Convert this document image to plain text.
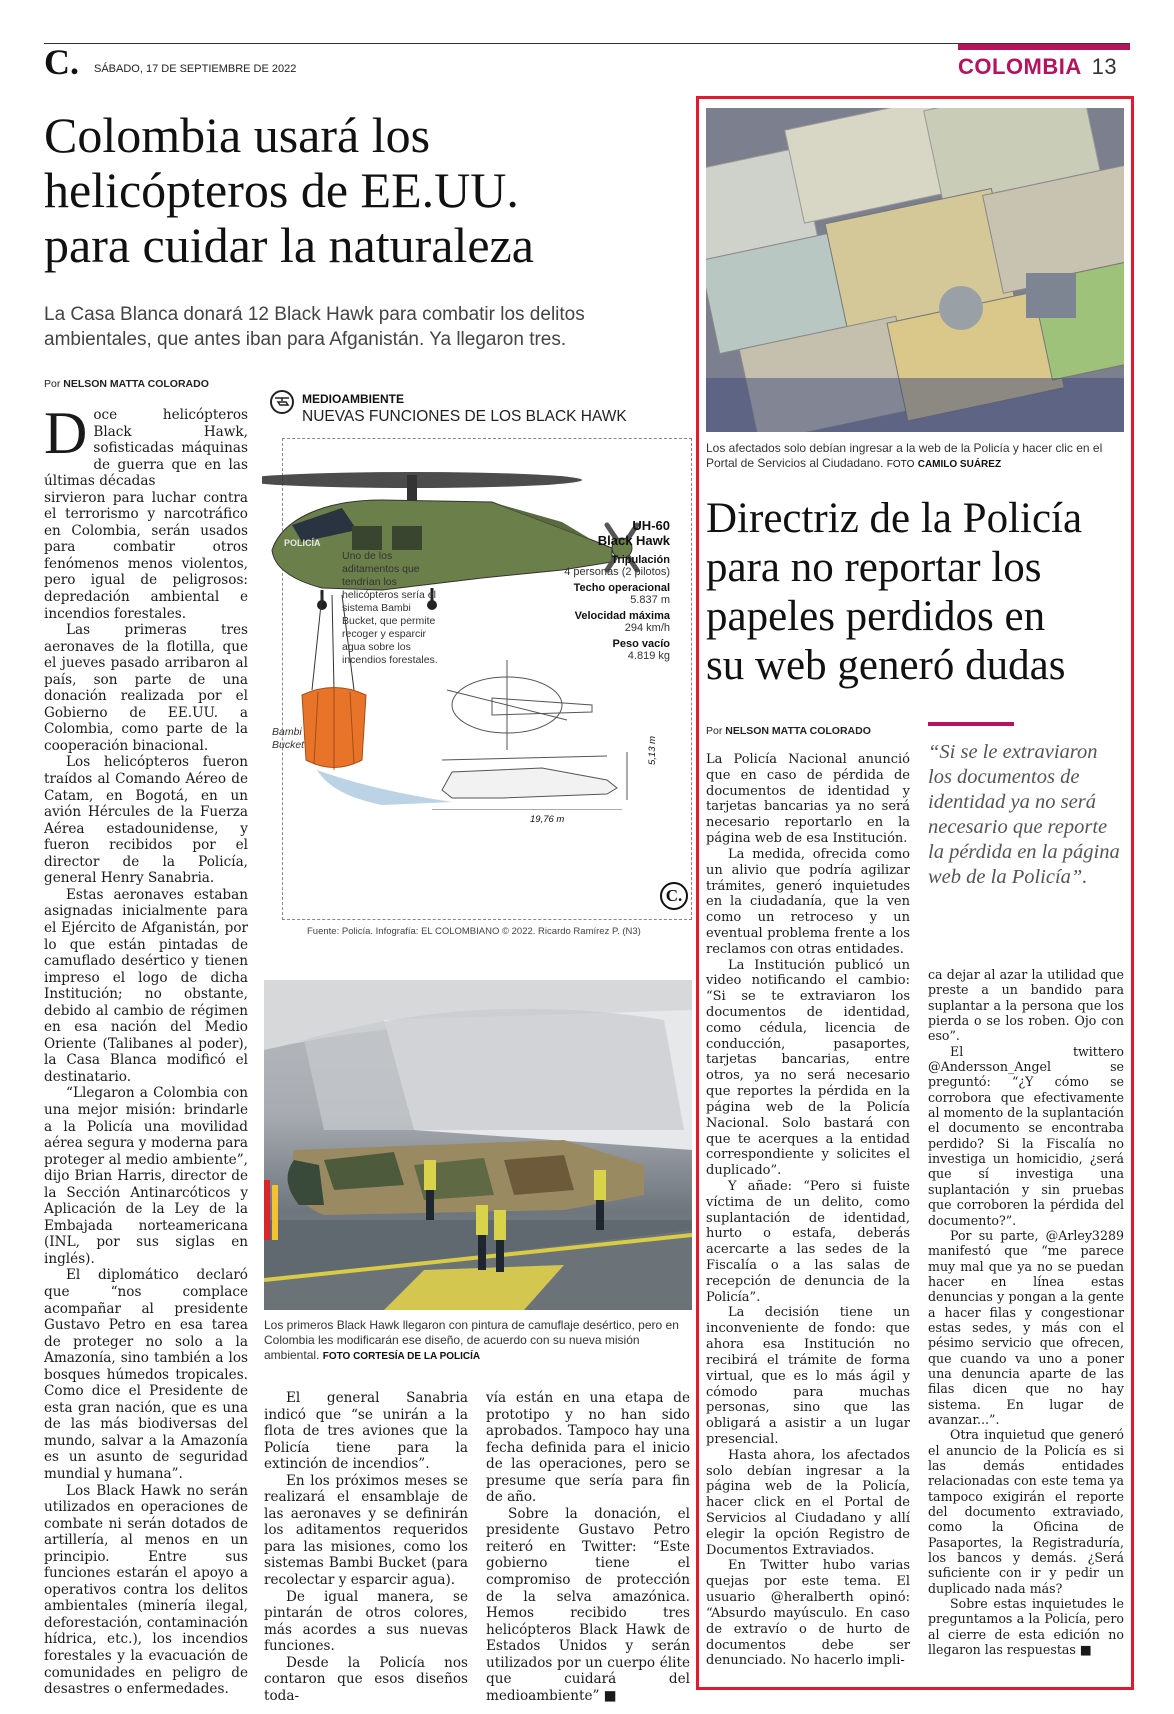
C. SÁBADO, 17 DE SEPTIEMBRE DE 2022	COLOMBIA 13
Colombia usará los
helicópteros de EE.UU.
para cuidar la naturaleza
La Casa Blanca donará 12 Black Hawk para combatir los delitos
ambientales, que antes iban para Afganistán. Ya llegaron tres.
Por NELSON MATTA COLORADO

Doce helicópteros Black Hawk, sofisticadas máquinas de guerra que en las últimas décadas

sirvieron para luchar contra el terrorismo y narcotráfico en Colombia, serán usados para combatir otros fenómenos menos violentos, pero igual de peligrosos: depredación ambiental e incendios forestales.

Las primeras tres aeronaves de la flotilla, que el jueves pasado arribaron al país, son parte de una donación realizada por el Gobierno de EE.UU. a Colombia, como parte de la cooperación binacional.

Los helicópteros fueron traídos al Comando Aéreo de Catam, en Bogotá, en un avión Hércules de la Fuerza Aérea estadounidense, y fueron recibidos por el director de la Policía, general Henry Sanabria.

Estas aeronaves estaban asignadas inicialmente para el Ejército de Afganistán, por lo que están pintadas de camuflado desértico y tienen impreso el logo de dicha Institución; no obstante, debido al cambio de régimen en esa nación del Medio Oriente (Talibanes al poder), la Casa Blanca modificó el destinatario.

“Llegaron a Colombia con una mejor misión: brindarle a la Policía una movilidad aérea segura y moderna para proteger al medio ambiente”, dijo Brian Harris, director de la Sección Antinarcóticos y Aplicación de la Ley de la Embajada norteamericana (INL, por sus siglas en inglés).

El diplomático declaró que “nos complace acompañar al presidente Gustavo Petro en esa tarea de proteger no solo a la Amazonía, sino también a los bosques húmedos tropicales. Como dice el Presidente de esta gran nación, que es una de las más biodiversas del mundo, salvar a la Amazonía es un asunto de seguridad mundial y humana”.

Los Black Hawk no serán utilizados en operaciones de combate ni serán dotados de artillería, al menos en un principio. Entre sus funciones estarán el apoyo a operativos contra los delitos ambientales (minería ilegal, deforestación, contaminación hídrica, etc.), los incendios forestales y la evacuación de comunidades en peligro de desastres o enfermedades.

MEDIOAMBIENTE
NUEVAS FUNCIONES DE LOS BLACK HAWK
POLICÍA
Uno de los aditamentos que tendrían los helicópteros sería el sistema Bambi Bucket, que permite recoger y esparcir agua sobre los incendios forestales.
Bambi Bucket
UH-60
Black Hawk
Tripulación
4 personas (2 pilotos)
Techo operacional
5.837 m
Velocidad máxima
294 km/h
Peso vacío
4.819 kg
5,13 m
19,76 m
C.
Fuente: Policía. Infografía: EL COLOMBIANO © 2022. Ricardo Ramírez P. (N3)
Los primeros Black Hawk llegaron con pintura de camuflaje desértico, pero en Colombia les modificarán ese diseño, de acuerdo con su nueva misión ambiental. FOTO CORTESÍA DE LA POLICÍA

El general Sanabria indicó que “se unirán a la flota de tres aviones que la Policía tiene para la extinción de incendios”.

En los próximos meses se realizará el ensamblaje de las aeronaves y se definirán los aditamentos requeridos para las misiones, como los sistemas Bambi Bucket (para recolectar y esparcir agua).

De igual manera, se pintarán de otros colores, más acordes a sus nuevas funciones.

Desde la Policía nos contaron que esos diseños toda-

vía están en una etapa de prototipo y no han sido aprobados. Tampoco hay una fecha definida para el inicio de las operaciones, pero se presume que sería para fin de año.

Sobre la donación, el presidente Gustavo Petro reiteró en Twitter: “Este gobierno tiene el compromiso de protección de la selva amazónica. Hemos recibido tres helicópteros Black Hawk de Estados Unidos y serán utilizados por un cuerpo élite que cuidará del medioambiente” ■

Los afectados solo debían ingresar a la web de la Policía y hacer clic en el Portal de Servicios al Ciudadano. FOTO CAMILO SUÁREZ
Directriz de la Policía
para no reportar los
papeles perdidos en
su web generó dudas
Por NELSON MATTA COLORADO
“Si se le extraviaron los documentos de identidad ya no será necesario que reporte la pérdida en la página web de la Policía”.

La Policía Nacional anunció que en caso de pérdida de documentos de identidad y tarjetas bancarias ya no será necesario reportarlo en la página web de esa Institución.

La medida, ofrecida como un alivio que podría agilizar trámites, generó inquietudes en la ciudadanía, que la ven como un retroceso y un eventual problema frente a los reclamos con otras entidades.

La Institución publicó un video notificando el cambio: “Si se te extraviaron los documentos de identidad, como cédula, licencia de conducción, pasaportes, tarjetas bancarias, entre otros, ya no será necesario que reportes la pérdida en la página web de la Policía Nacional. Solo bastará con que te acerques a la entidad correspondiente y solicites el duplicado”.

Y añade: “Pero si fuiste víctima de un delito, como suplantación de identidad, hurto o estafa, deberás acercarte a las sedes de la Fiscalía o a las salas de recepción de denuncia de la Policía”.

La decisión tiene un inconveniente de fondo: que ahora esa Institución no recibirá el trámite de forma virtual, que es lo más ágil y cómodo para muchas personas, sino que las obligará a asistir a un lugar presencial.

Hasta ahora, los afectados solo debían ingresar a la página web de la Policía, hacer click en el Portal de Servicios al Ciudadano y allí elegir la opción Registro de Documentos Extraviados.

En Twitter hubo varias quejas por este tema. El usuario @heralberth opinó: “Absurdo mayúsculo. En caso de extravío o de hurto de documentos debe ser denunciado. No hacerlo impli-

ca dejar al azar la utilidad que preste a un bandido para suplantar a la persona que los pierda o se los roben. Ojo con eso”.

El twittero @Andersson_Angel se preguntó: “¿Y cómo se corrobora que efectivamente al momento de la suplantación el documento se encontraba perdido? Si la Fiscalía no investiga un homicidio, ¿será que sí investiga una suplantación y sin pruebas que corroboren la pérdida del documento?”.

Por su parte, @Arley3289 manifestó que “me parece muy mal que ya no se puedan hacer en línea estas denuncias y pongan a la gente a hacer filas y congestionar estas sedes, y más con el pésimo servicio que ofrecen, que cuando va uno a poner una denuncia aparte de las filas dicen que no hay sistema. En lugar de avanzar...”.

Otra inquietud que generó el anuncio de la Policía es si las demás entidades relacionadas con este tema ya tampoco exigirán el reporte del documento extraviado, como la Oficina de Pasaportes, la Registraduría, los bancos y demás. ¿Será suficiente con ir y pedir un duplicado nada más?

Sobre estas inquietudes le preguntamos a la Policía, pero al cierre de esta edición no llegaron las respuestas ■
